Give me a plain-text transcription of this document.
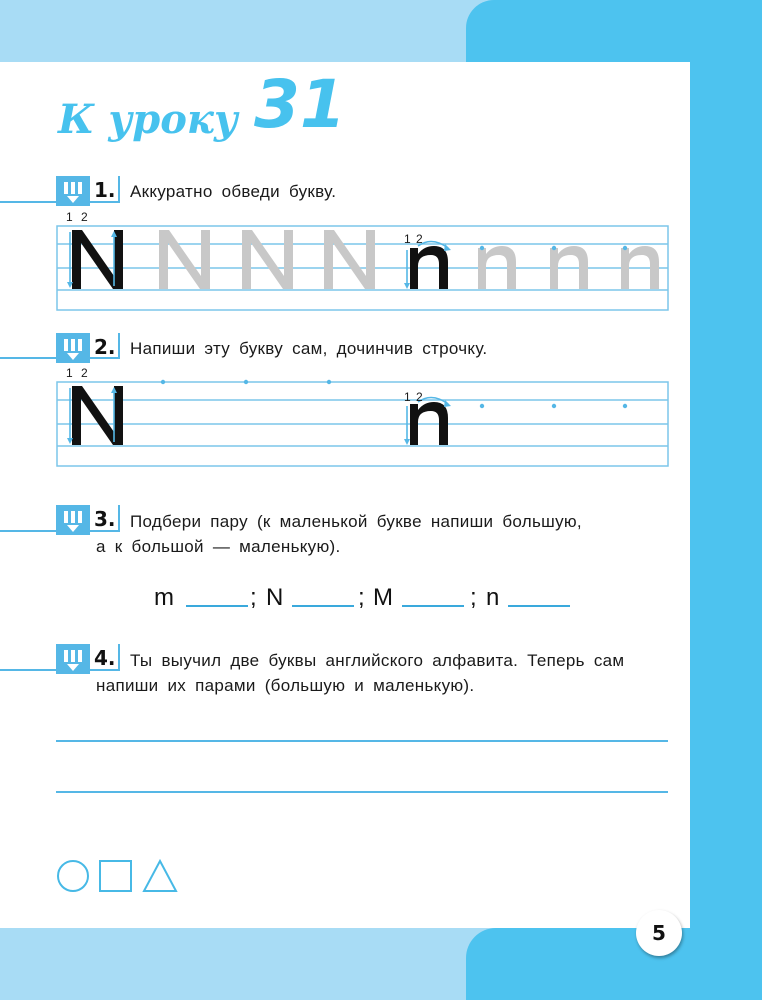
К уроку 31
1. Аккуратно обведи букву.
1 2
1 2
2. Напиши эту букву сам, дочинчив строчку.
1 2
1 2
3. Подбери пару (к маленькой букве напиши большую,
а к большой — маленькую).
m	; N	; M	; n
4. Ты выучил две буквы английского алфавита. Теперь сам
напиши их парами (большую и маленькую).
5
